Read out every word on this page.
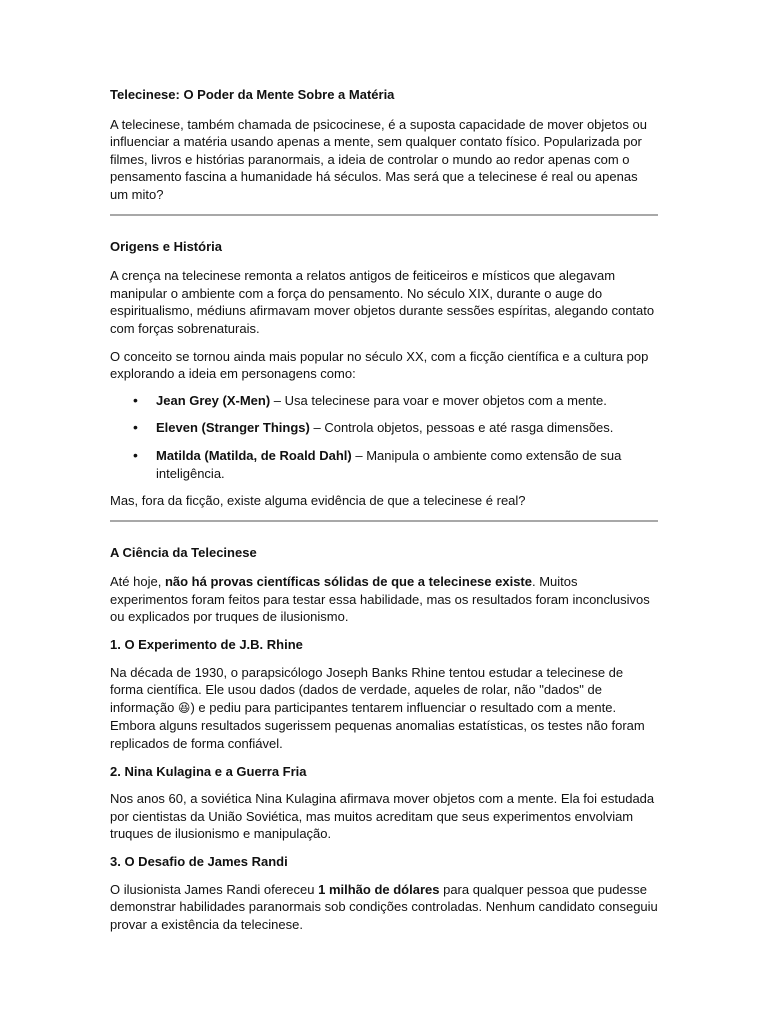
Telecinese: O Poder da Mente Sobre a Matéria

A telecinese, também chamada de psicocinese, é a suposta capacidade de mover objetos ou influenciar a matéria usando apenas a mente, sem qualquer contato físico. Popularizada por filmes, livros e histórias paranormais, a ideia de controlar o mundo ao redor apenas com o pensamento fascina a humanidade há séculos. Mas será que a telecinese é real ou apenas um mito?

Origens e História

A crença na telecinese remonta a relatos antigos de feiticeiros e místicos que alegavam manipular o ambiente com a força do pensamento. No século XIX, durante o auge do espiritualismo, médiuns afirmavam mover objetos durante sessões espíritas, alegando contato com forças sobrenaturais.

O conceito se tornou ainda mais popular no século XX, com a ficção científica e a cultura pop explorando a ideia em personagens como:

• Jean Grey (X-Men) – Usa telecinese para voar e mover objetos com a mente.
• Eleven (Stranger Things) – Controla objetos, pessoas e até rasga dimensões.
• Matilda (Matilda, de Roald Dahl) – Manipula o ambiente como extensão de sua inteligência.

Mas, fora da ficção, existe alguma evidência de que a telecinese é real?

A Ciência da Telecinese

Até hoje, não há provas científicas sólidas de que a telecinese existe. Muitos experimentos foram feitos para testar essa habilidade, mas os resultados foram inconclusivos ou explicados por truques de ilusionismo.

1. O Experimento de J.B. Rhine

Na década de 1930, o parapsicólogo Joseph Banks Rhine tentou estudar a telecinese de forma científica. Ele usou dados (dados de verdade, aqueles de rolar, não "dados" de informação 😆) e pediu para participantes tentarem influenciar o resultado com a mente. Embora alguns resultados sugerissem pequenas anomalias estatísticas, os testes não foram replicados de forma confiável.

2. Nina Kulagina e a Guerra Fria

Nos anos 60, a soviética Nina Kulagina afirmava mover objetos com a mente. Ela foi estudada por cientistas da União Soviética, mas muitos acreditam que seus experimentos envolviam truques de ilusionismo e manipulação.

3. O Desafio de James Randi

O ilusionista James Randi ofereceu 1 milhão de dólares para qualquer pessoa que pudesse demonstrar habilidades paranormais sob condições controladas. Nenhum candidato conseguiu provar a existência da telecinese.
